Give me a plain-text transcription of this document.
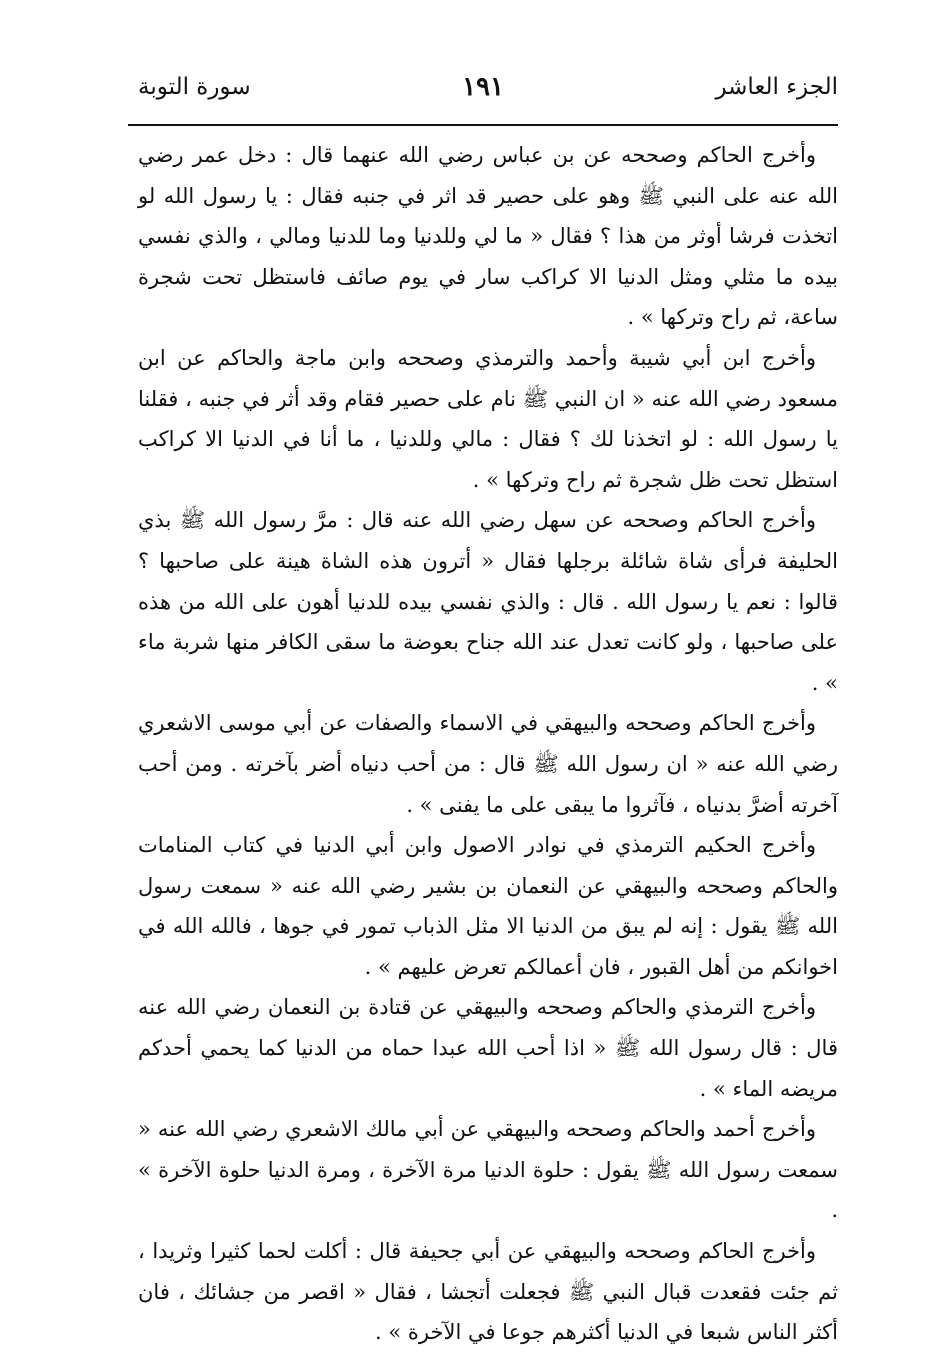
الجزء العاشر
١٩١
سورة التوبة

وأخرج الحاكم وصححه عن بن عباس رضي الله عنهما قال : دخل عمر رضي الله عنه على النبي ﷺ وهو على حصير قد اثر في جنبه فقال : يا رسول الله لو اتخذت فرشا أوثر من هذا ؟ فقال « ما لي وللدنيا وما للدنيا ومالي ، والذي نفسي بيده ما مثلي ومثل الدنيا الا كراكب سار في يوم صائف فاستظل تحت شجرة ساعة، ثم راح وتركها » .

وأخرج ابن أبي شيبة وأحمد والترمذي وصححه وابن ماجة والحاكم عن ابن مسعود رضي الله عنه « ان النبي ﷺ نام على حصير فقام وقد أثر في جنبه ، فقلنا يا رسول الله : لو اتخذنا لك ؟ فقال : مالي وللدنيا ، ما أنا في الدنيا الا كراكب استظل تحت ظل شجرة ثم راح وتركها » .

وأخرج الحاكم وصححه عن سهل رضي الله عنه قال : مرَّ رسول الله ﷺ بذي الحليفة فرأى شاة شائلة برجلها فقال « أترون هذه الشاة هينة على صاحبها ؟ قالوا : نعم يا رسول الله . قال : والذي نفسي بيده للدنيا أهون على الله من هذه على صاحبها ، ولو كانت تعدل عند الله جناح بعوضة ما سقى الكافر منها شربة ماء » .

وأخرج الحاكم وصححه والبيهقي في الاسماء والصفات عن أبي موسى الاشعري رضي الله عنه « ان رسول الله ﷺ قال : من أحب دنياه أضر بآخرته . ومن أحب آخرته أضرَّ بدنياه ، فآثروا ما يبقى على ما يفنى » .

وأخرج الحكيم الترمذي في نوادر الاصول وابن أبي الدنيا في كتاب المنامات والحاكم وصححه والبيهقي عن النعمان بن بشير رضي الله عنه « سمعت رسول الله ﷺ يقول : إنه لم يبق من الدنيا الا مثل الذباب تمور في جوها ، فالله الله في اخوانكم من أهل القبور ، فان أعمالكم تعرض عليهم » .

وأخرج الترمذي والحاكم وصححه والبيهقي عن قتادة بن النعمان رضي الله عنه قال : قال رسول الله ﷺ « اذا أحب الله عبدا حماه من الدنيا كما يحمي أحدكم مريضه الماء » .

وأخرج أحمد والحاكم وصححه والبيهقي عن أبي مالك الاشعري رضي الله عنه « سمعت رسول الله ﷺ يقول : حلوة الدنيا مرة الآخرة ، ومرة الدنيا حلوة الآخرة » .

وأخرج الحاكم وصححه والبيهقي عن أبي جحيفة قال : أكلت لحما كثيرا وثريدا ، ثم جئت فقعدت قبال النبي ﷺ فجعلت أتجشا ، فقال « اقصر من جشائك ، فان أكثر الناس شبعا في الدنيا أكثرهم جوعا في الآخرة » .
